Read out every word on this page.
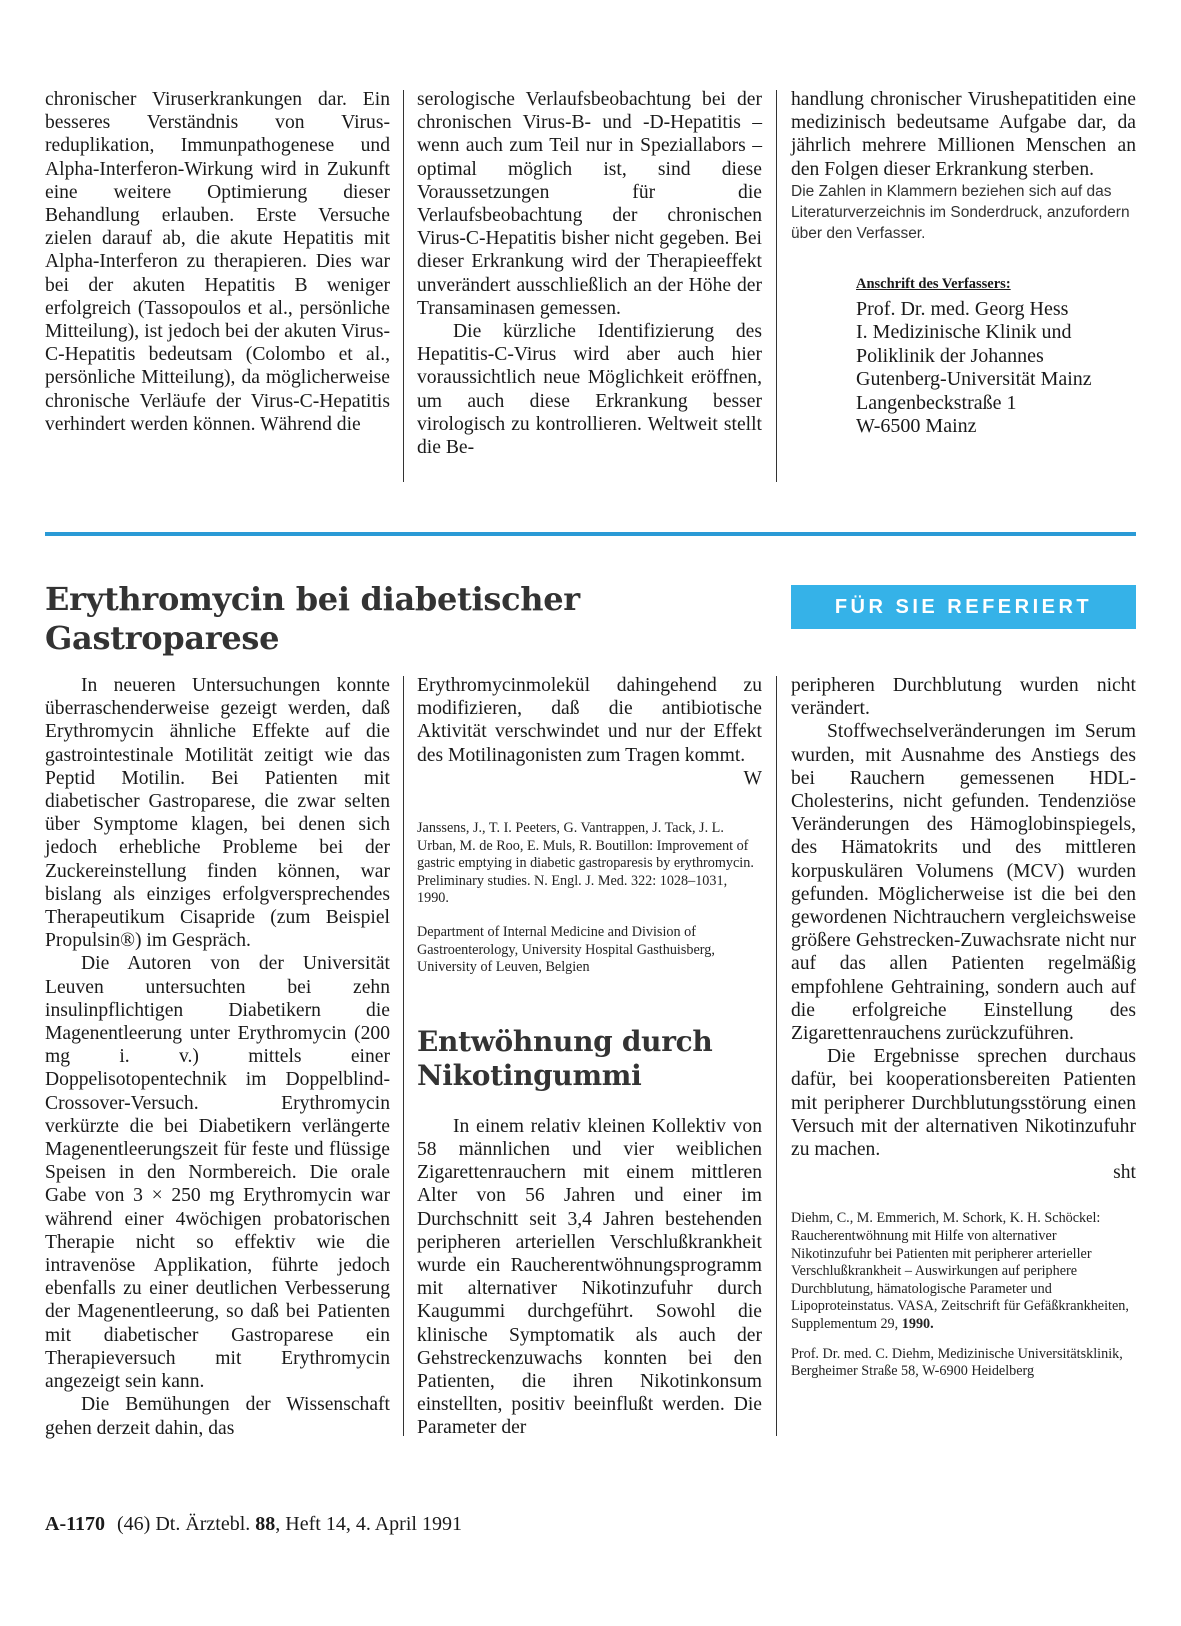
chronischer Viruserkrankungen dar. Ein besseres Verständnis von Virus-reduplikation, Immunpathogenese und Alpha-Interferon-Wirkung wird in Zukunft eine weitere Optimierung dieser Behandlung erlauben. Erste Versuche zielen darauf ab, die akute Hepatitis mit Alpha-Interferon zu therapieren. Dies war bei der akuten Hepatitis B weniger erfolgreich (Tassopoulos et al., persönliche Mitteilung), ist jedoch bei der akuten Virus-C-Hepatitis bedeutsam (Colombo et al., persönliche Mitteilung), da möglicherweise chronische Verläufe der Virus-C-Hepatitis verhindert werden können. Während die

serologische Verlaufsbeobachtung bei der chronischen Virus-B- und -D-Hepatitis – wenn auch zum Teil nur in Speziallabors – optimal möglich ist, sind diese Voraussetzungen für die Verlaufsbeobachtung der chronischen Virus-C-Hepatitis bisher nicht gegeben. Bei dieser Erkrankung wird der Therapieeffekt unverändert ausschließlich an der Höhe der Transaminasen gemessen.

Die kürzliche Identifizierung des Hepatitis-C-Virus wird aber auch hier voraussichtlich neue Möglichkeit eröffnen, um auch diese Erkrankung besser virologisch zu kontrollieren. Weltweit stellt die Be-

handlung chronischer Virushepatitiden eine medizinisch bedeutsame Aufgabe dar, da jährlich mehrere Millionen Menschen an den Folgen dieser Erkrankung sterben.

Die Zahlen in Klammern beziehen sich auf das Literaturverzeichnis im Sonderdruck, anzufordern über den Verfasser.

Anschrift des Verfassers:
Prof. Dr. med. Georg Hess
I. Medizinische Klinik und
Poliklinik der Johannes
Gutenberg-Universität Mainz
Langenbeckstraße 1
W-6500 Mainz
Erythromycin bei diabetischer Gastroparese
FÜR SIE REFERIERT

In neueren Untersuchungen konnte überraschenderweise gezeigt werden, daß Erythromycin ähnliche Effekte auf die gastrointestinale Motilität zeitigt wie das Peptid Motilin. Bei Patienten mit diabetischer Gastroparese, die zwar selten über Symptome klagen, bei denen sich jedoch erhebliche Probleme bei der Zuckereinstellung finden können, war bislang als einziges erfolgversprechendes Therapeutikum Cisapride (zum Beispiel Propulsin®) im Gespräch.

Die Autoren von der Universität Leuven untersuchten bei zehn insulinpflichtigen Diabetikern die Magenentleerung unter Erythromycin (200 mg i. v.) mittels einer Doppelisotopentechnik im Doppelblind-Crossover-Versuch. Erythromycin verkürzte die bei Diabetikern verlängerte Magenentleerungszeit für feste und flüssige Speisen in den Normbereich. Die orale Gabe von 3 × 250 mg Erythromycin war während einer 4wöchigen probatorischen Therapie nicht so effektiv wie die intravenöse Applikation, führte jedoch ebenfalls zu einer deutlichen Verbesserung der Magenentleerung, so daß bei Patienten mit diabetischer Gastroparese ein Therapieversuch mit Erythromycin angezeigt sein kann.

Die Bemühungen der Wissenschaft gehen derzeit dahin, das

Erythromycinmolekül dahingehend zu modifizieren, daß die antibiotische Aktivität verschwindet und nur der Effekt des Motilinagonisten zum Tragen kommt.

W

Janssens, J., T. I. Peeters, G. Vantrappen, J. Tack, J. L. Urban, M. de Roo, E. Muls, R. Boutillon: Improvement of gastric emptying in diabetic gastroparesis by erythromycin. Preliminary studies. N. Engl. J. Med. 322: 1028–1031, 1990.

Department of Internal Medicine and Division of Gastroenterology, University Hospital Gasthuisberg, University of Leuven, Belgien

Entwöhnung durch Nikotingummi

In einem relativ kleinen Kollektiv von 58 männlichen und vier weiblichen Zigarettenrauchern mit einem mittleren Alter von 56 Jahren und einer im Durchschnitt seit 3,4 Jahren bestehenden peripheren arteriellen Verschlußkrankheit wurde ein Raucherentwöhnungsprogramm mit alternativer Nikotinzufuhr durch Kaugummi durchgeführt. Sowohl die klinische Symptomatik als auch der Gehstreckenzuwachs konnten bei den Patienten, die ihren Nikotinkonsum einstellten, positiv beeinflußt werden. Die Parameter der

peripheren Durchblutung wurden nicht verändert.

Stoffwechselveränderungen im Serum wurden, mit Ausnahme des Anstiegs des bei Rauchern gemessenen HDL-Cholesterins, nicht gefunden. Tendenziöse Veränderungen des Hämoglobinspiegels, des Hämatokrits und des mittleren korpuskulären Volumens (MCV) wurden gefunden. Möglicherweise ist die bei den gewordenen Nichtrauchern vergleichsweise größere Gehstrecken-Zuwachsrate nicht nur auf das allen Patienten regelmäßig empfohlene Gehtraining, sondern auch auf die erfolgreiche Einstellung des Zigarettenrauchens zurückzuführen.

Die Ergebnisse sprechen durchaus dafür, bei kooperationsbereiten Patienten mit peripherer Durchblutungsstörung einen Versuch mit der alternativen Nikotinzufuhr zu machen.

sht

Diehm, C., M. Emmerich, M. Schork, K. H. Schöckel: Raucherentwöhnung mit Hilfe von alternativer Nikotinzufuhr bei Patienten mit peripherer arterieller Verschlußkrankheit – Auswirkungen auf periphere Durchblutung, hämatologische Parameter und Lipoproteinstatus. VASA, Zeitschrift für Gefäßkrankheiten, Supplementum 29, 1990.

Prof. Dr. med. C. Diehm, Medizinische Universitätsklinik, Bergheimer Straße 58, W-6900 Heidelberg

A-1170 (46) Dt. Ärztebl. 88, Heft 14, 4. April 1991
